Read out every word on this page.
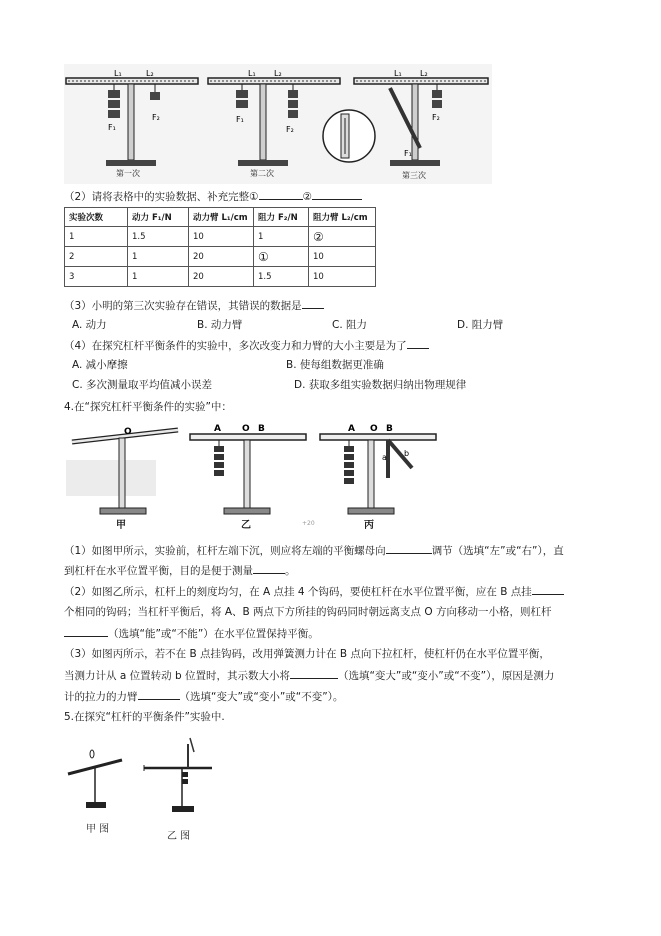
L₁	L₂
F₁
F₂
L₁ L₂
F₁
F₂
L₁ L₂
F₁
F₂
第一次	第二次	第三次
（2）请将表格中的实验数据、补充完整①	②
实验次数	动力 F₁/N	动力臂 L₁/cm	阻力 F₂/N	阻力臂 L₂/cm
1	1.5	10	1	②
2	1	20	①	10
3	1	20	1.5	10
（3）小明的第三次实验存在错误，其错误的数据是
A. 动力	B. 动力臂	C. 阻力	D. 阻力臂
（4）在探究杠杆平衡条件的实验中，多次改变力和力臂的大小主要是为了
A. 减小摩擦	B. 使每组数据更准确
C. 多次测量取平均值减小误差	D. 获取多组实验数据归纳出物理规律
4.在“探究杠杆平衡条件的实验”中：
O	A O B	A O B
a b
甲	乙	丙
+20
（1）如图甲所示，实验前，杠杆左端下沉，则应将左端的平衡螺母向	调节（选填“左”或“右”），直
到杠杆在水平位置平衡，目的是便于测量	。
（2）如图乙所示，杠杆上的刻度均匀，在 A 点挂 4 个钩码，要使杠杆在水平位置平衡，应在 B 点挂
个相同的钩码；当杠杆平衡后，将 A、B 两点下方所挂的钩码同时朝远离支点 O 方向移动一小格，则杠杆
（选填“能”或“不能”）在水平位置保持平衡。
（3）如图丙所示，若不在 B 点挂钩码，改用弹簧测力计在 B 点向下拉杠杆，使杠杆仍在水平位置平衡，
当测力计从 a 位置转动 b 位置时，其示数大小将	（选填“变大”或“变小”或“不变”），原因是测力
计的拉力的力臂	（选填“变大”或“变小”或“不变”）。
5.在探究“杠杆的平衡条件”实验中.
甲 图
乙 图
